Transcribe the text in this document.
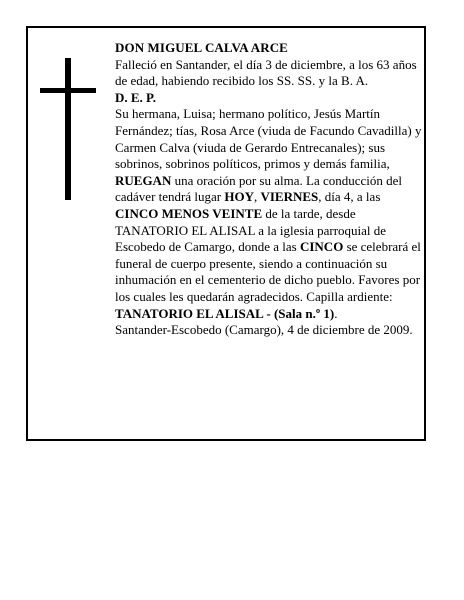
DON MIGUEL CALVA ARCE

Falleció en Santander, el día 3 de diciembre, a los 63 años de edad, habiendo recibido los SS. SS. y la B. A.

D. E. P.

Su hermana, Luisa; hermano político, Jesús Martín Fernández; tías, Rosa Arce (viuda de Facundo Cavadilla) y Carmen Calva (viuda de Gerardo Entrecanales); sus sobrinos, sobrinos políticos, primos y demás familia,

RUEGAN una oración por su alma. La conducción del cadáver tendrá lugar HOY, VIERNES, día 4, a las CINCO MENOS VEINTE de la tarde, desde TANATORIO EL ALISAL a la iglesia parroquial de Escobedo de Camargo, donde a las CINCO se celebrará el funeral de cuerpo presente, siendo a continuación su inhumación en el cementerio de dicho pueblo. Favores por los cuales les quedarán agradecidos. Capilla ardiente: TANATORIO EL ALISAL - (Sala n.º 1).

Santander-Escobedo (Camargo), 4 de diciembre de 2009.
